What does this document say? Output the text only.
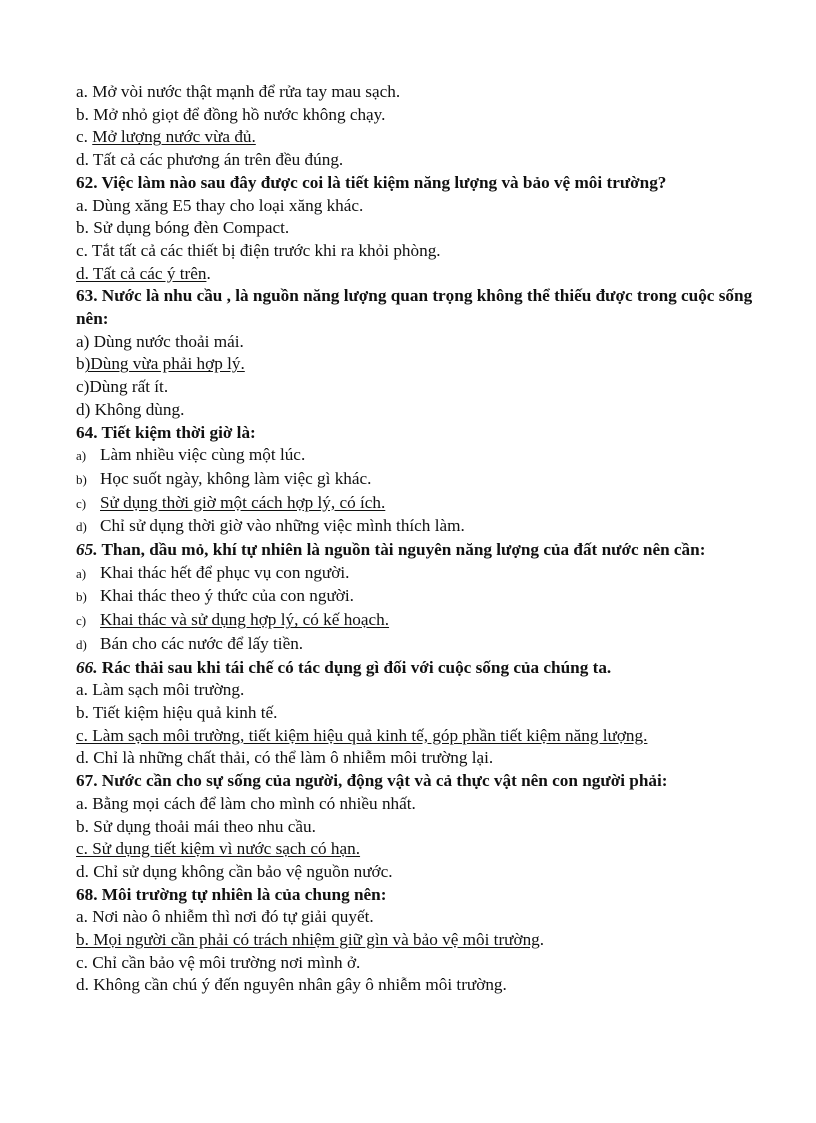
a. Mở vòi nước thật mạnh để rửa tay mau sạch.
b. Mở nhỏ giọt để đồng hồ nước không chạy.
c. Mở lượng nước vừa đủ.
d. Tất cả các phương án trên đều đúng.
62. Việc làm nào sau đây được coi là tiết kiệm năng lượng và bảo vệ môi trường?
a. Dùng xăng E5 thay cho loại xăng khác.
b. Sử dụng bóng đèn Compact.
c. Tắt tất cả các thiết bị điện trước khi ra khỏi phòng.
d. Tất cả các ý trên.
63. Nước là nhu cầu , là nguồn năng lượng quan trọng không thể thiếu được trong cuộc sống nên:
a) Dùng nước thoải mái.
b)Dùng vừa phải hợp lý.
c)Dùng rất ít.
d) Không dùng.
64. Tiết kiệm thời giờ là:
a) Làm nhiều việc cùng một lúc.
b) Học suốt ngày, không làm việc gì khác.
c) Sử dụng thời giờ một cách hợp lý, có ích.
d) Chỉ sử dụng thời giờ vào những việc mình thích làm.
65. Than, dầu mỏ, khí tự nhiên là nguồn tài nguyên năng lượng của đất nước nên cần:
a) Khai thác hết để phục vụ con người.
b) Khai thác theo ý thức của con người.
c) Khai thác và sử dụng hợp lý, có kế hoạch.
d) Bán cho các nước để lấy tiền.
66. Rác thải sau khi tái chế có tác dụng gì đối với cuộc sống của chúng ta.
a. Làm sạch môi trường.
b. Tiết kiệm hiệu quả kinh tế.
c. Làm sạch môi trường, tiết kiệm hiệu quả kinh tế, góp phần tiết kiệm năng lượng.
d. Chỉ là những chất thải, có thể làm ô nhiễm môi trường lại.
67. Nước cần cho sự sống của người, động vật và cả thực vật nên con người phải:
a. Bằng mọi cách để làm cho mình có nhiều nhất.
b. Sử dụng thoải mái theo nhu cầu.
c. Sử dụng tiết kiệm vì nước sạch có hạn.
d. Chỉ sử dụng không cần bảo vệ nguồn nước.
68. Môi trường tự nhiên là của chung nên:
a. Nơi nào ô nhiễm thì nơi đó tự giải quyết.
b. Mọi người cần phải có trách nhiệm giữ gìn và bảo vệ môi trường.
c. Chỉ cần bảo vệ môi trường nơi mình ở.
d. Không cần chú ý đến nguyên nhân gây ô nhiễm môi trường.
